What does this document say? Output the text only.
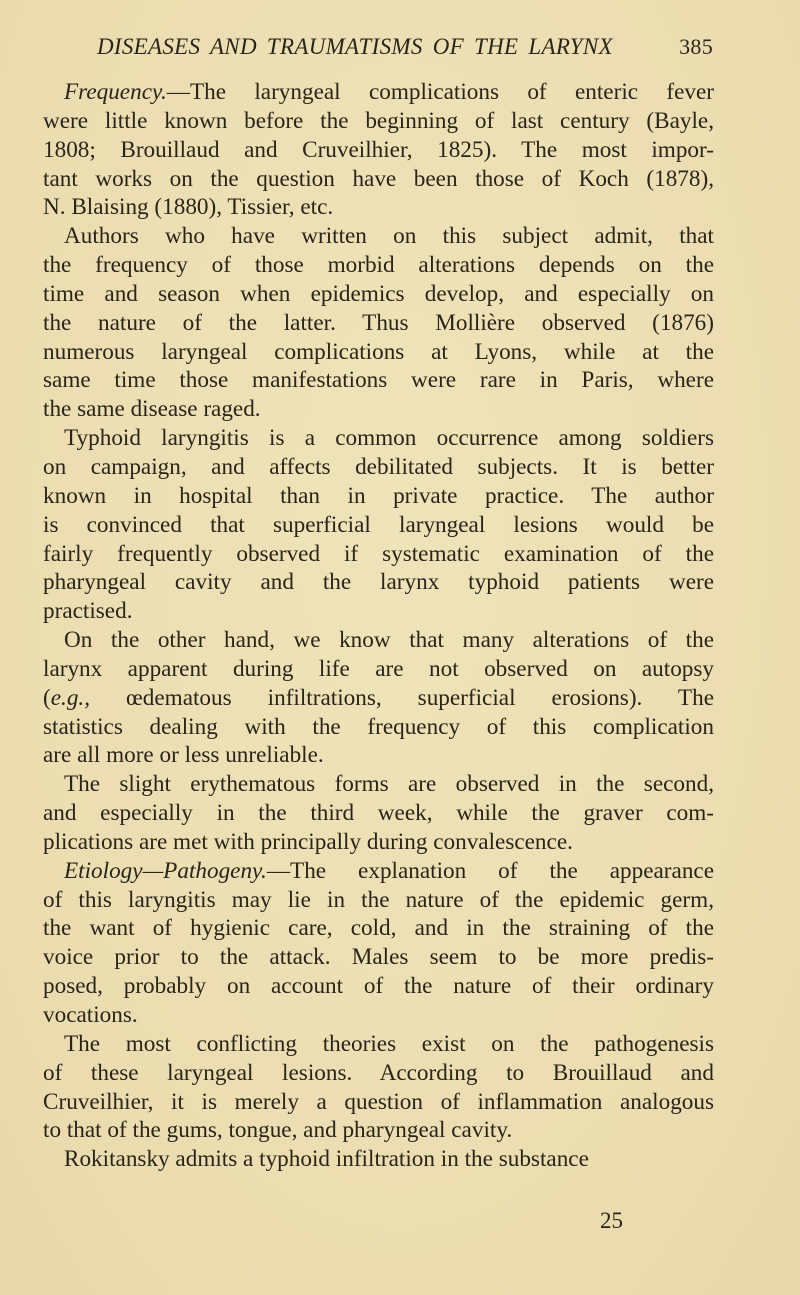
DISEASES AND TRAUMATISMS OF THE LARYNX	385
Frequency.—The laryngeal complications of enteric fever
were little known before the beginning of last century (Bayle,
1808; Brouillaud and Cruveilhier, 1825). The most impor-
tant works on the question have been those of Koch (1878),
N. Blaising (1880), Tissier, etc.
Authors who have written on this subject admit, that
the frequency of those morbid alterations depends on the
time and season when epidemics develop, and especially on
the nature of the latter. Thus Mollière observed (1876)
numerous laryngeal complications at Lyons, while at the
same time those manifestations were rare in Paris, where
the same disease raged.
Typhoid laryngitis is a common occurrence among soldiers
on campaign, and affects debilitated subjects. It is better
known in hospital than in private practice. The author
is convinced that superficial laryngeal lesions would be
fairly frequently observed if systematic examination of the
pharyngeal cavity and the larynx typhoid patients were
practised.
On the other hand, we know that many alterations of the
larynx apparent during life are not observed on autopsy
(e.g., œdematous infiltrations, superficial erosions). The
statistics dealing with the frequency of this complication
are all more or less unreliable.
The slight erythematous forms are observed in the second,
and especially in the third week, while the graver com-
plications are met with principally during convalescence.
Etiology—Pathogeny.—The explanation of the appearance
of this laryngitis may lie in the nature of the epidemic germ,
the want of hygienic care, cold, and in the straining of the
voice prior to the attack. Males seem to be more predis-
posed, probably on account of the nature of their ordinary
vocations.
The most conflicting theories exist on the pathogenesis
of these laryngeal lesions. According to Brouillaud and
Cruveilhier, it is merely a question of inflammation analogous
to that of the gums, tongue, and pharyngeal cavity.
Rokitansky admits a typhoid infiltration in the substance
25
